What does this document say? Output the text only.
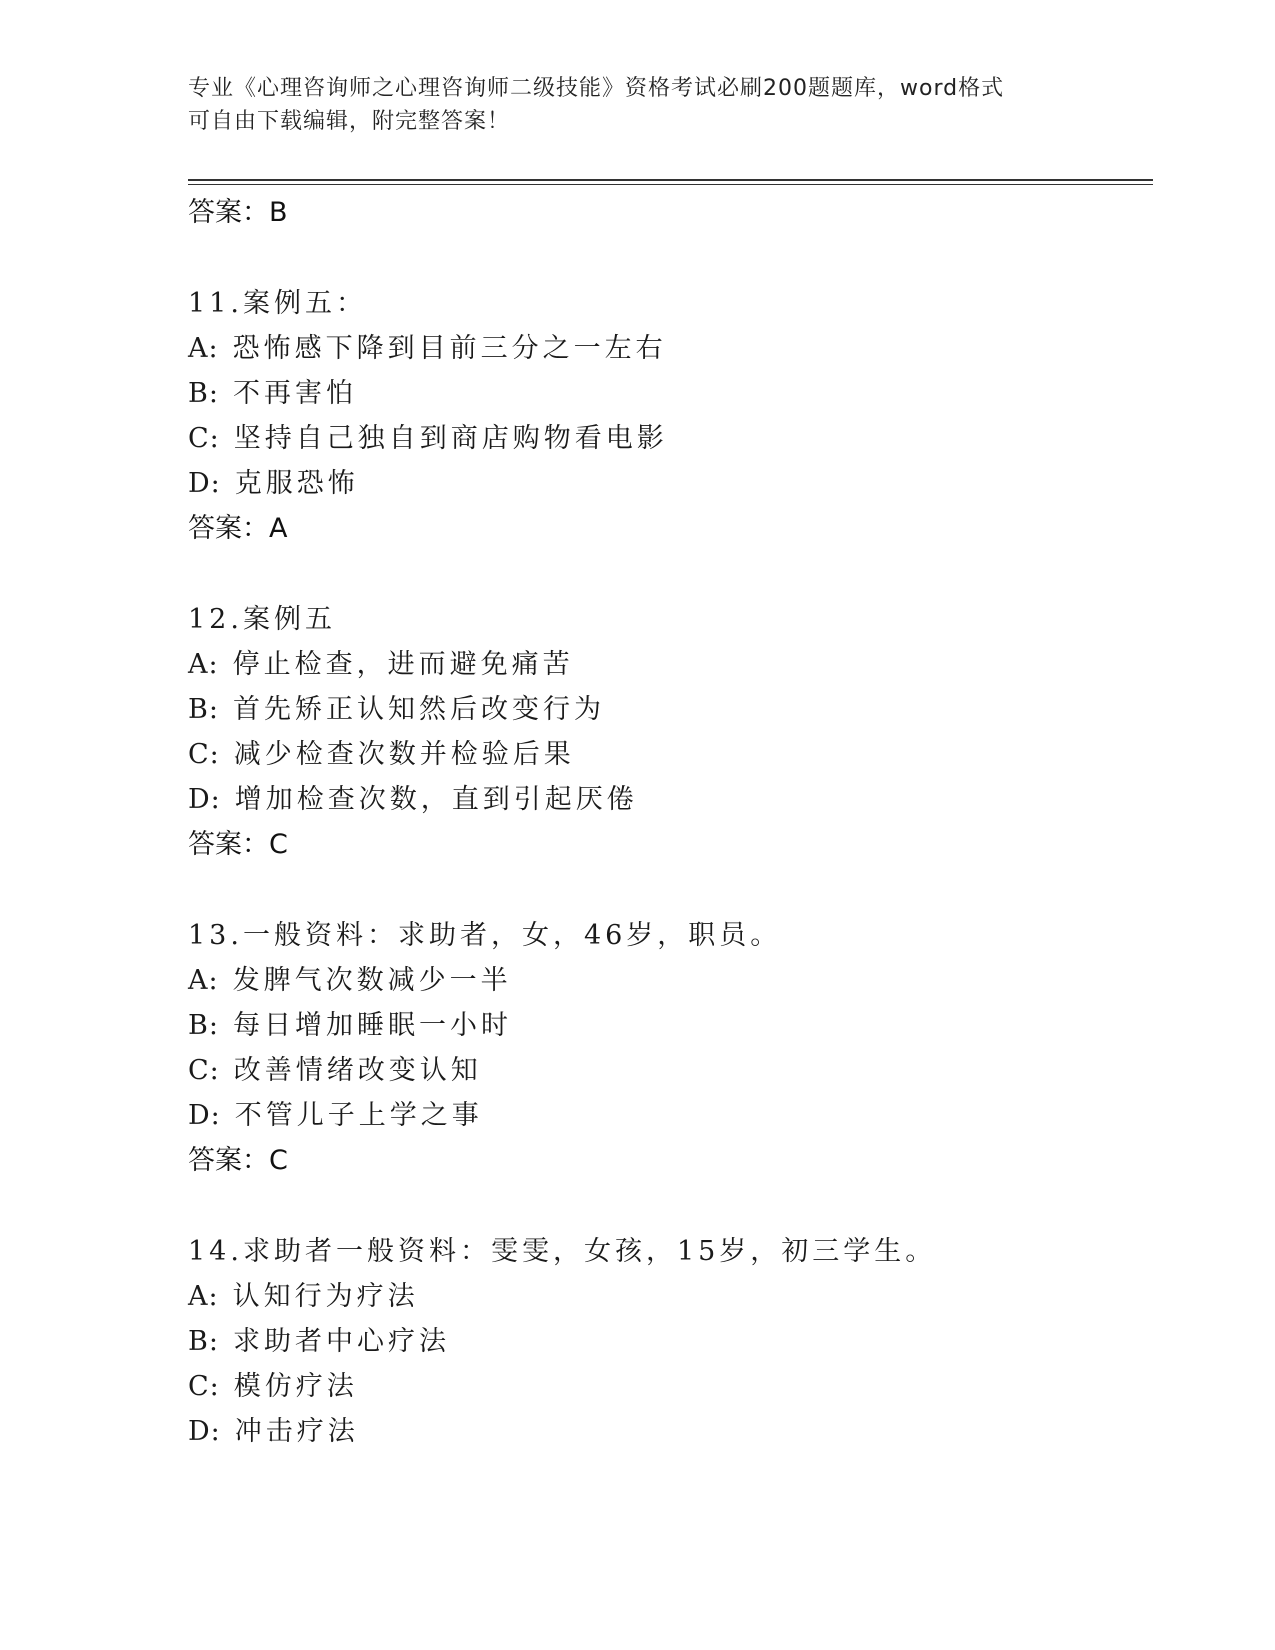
专业《心理咨询师之心理咨询师二级技能》资格考试必刷200题题库，word格式
可自由下载编辑，附完整答案！
答案：B
11.案例五：
A: 恐怖感下降到目前三分之一左右
B: 不再害怕
C: 坚持自己独自到商店购物看电影
D: 克服恐怖
答案：A
12.案例五
A: 停止检查，进而避免痛苦
B: 首先矫正认知然后改变行为
C: 减少检查次数并检验后果
D: 增加检查次数，直到引起厌倦
答案：C
13.一般资料：求助者，女，46岁，职员。
A: 发脾气次数减少一半
B: 每日增加睡眠一小时
C: 改善情绪改变认知
D: 不管儿子上学之事
答案：C
14.求助者一般资料：雯雯，女孩，15岁，初三学生。
A: 认知行为疗法
B: 求助者中心疗法
C: 模仿疗法
D: 冲击疗法
